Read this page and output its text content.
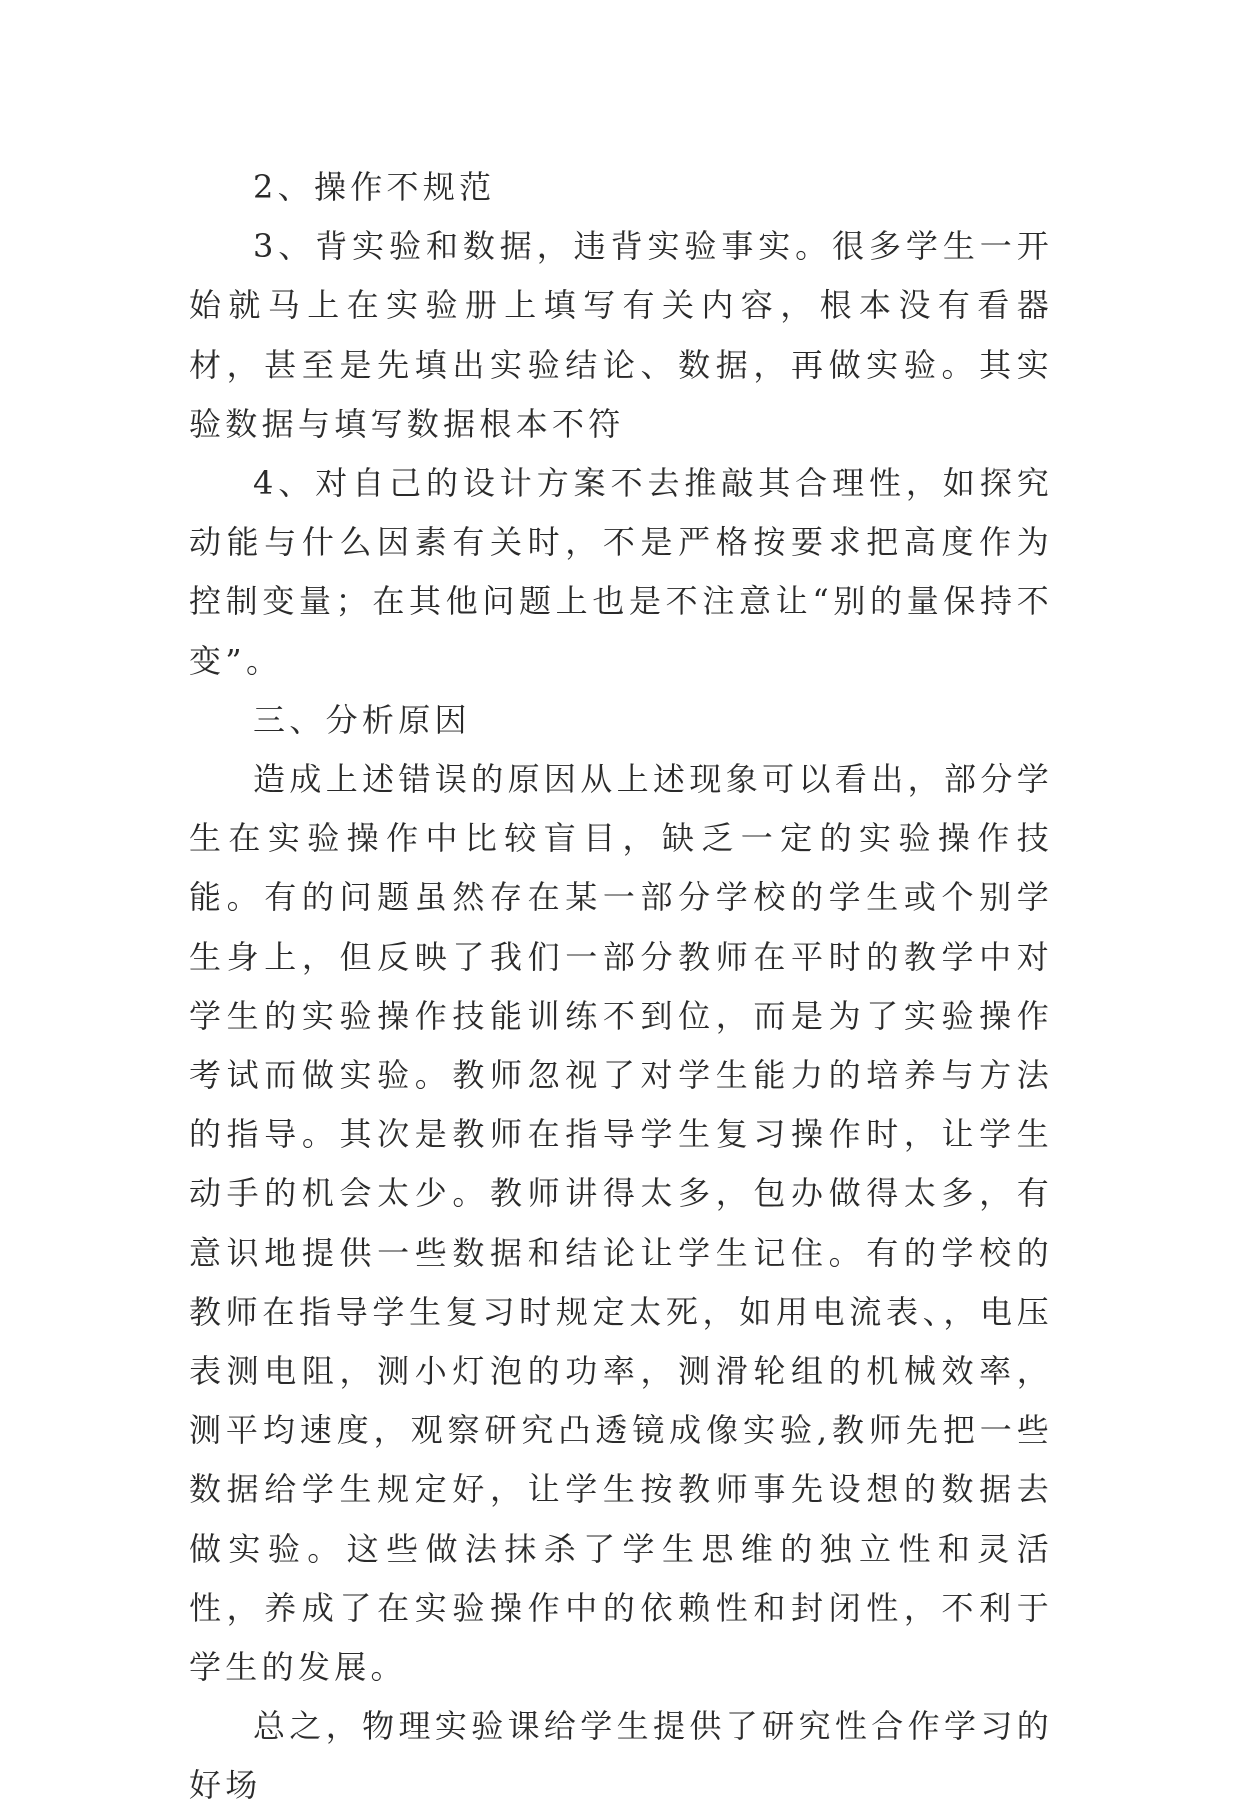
2、操作不规范

3、背实验和数据，违背实验事实。很多学生一开始就马上在实验册上填写有关内容，根本没有看器材，甚至是先填出实验结论、数据，再做实验。其实验数据与填写数据根本不符

4、对自己的设计方案不去推敲其合理性，如探究动能与什么因素有关时，不是严格按要求把高度作为控制变量；在其他问题上也是不注意让“别的量保持不变”。

三、分析原因

造成上述错误的原因从上述现象可以看出，部分学生在实验操作中比较盲目，缺乏一定的实验操作技能。有的问题虽然存在某一部分学校的学生或个别学生身上，但反映了我们一部分教师在平时的教学中对学生的实验操作技能训练不到位，而是为了实验操作考试而做实验。教师忽视了对学生能力的培养与方法的指导。其次是教师在指导学生复习操作时，让学生动手的机会太少。教师讲得太多，包办做得太多，有意识地提供一些数据和结论让学生记住。有的学校的教师在指导学生复习时规定太死，如用电流表、，电压表测电阻，测小灯泡的功率，测滑轮组的机械效率，测平均速度，观察研究凸透镜成像实验,教师先把一些数据给学生规定好，让学生按教师事先设想的数据去做实验。这些做法抹杀了学生思维的独立性和灵活性，养成了在实验操作中的依赖性和封闭性，不利于学生的发展。

总之，物理实验课给学生提供了研究性合作学习的好场
